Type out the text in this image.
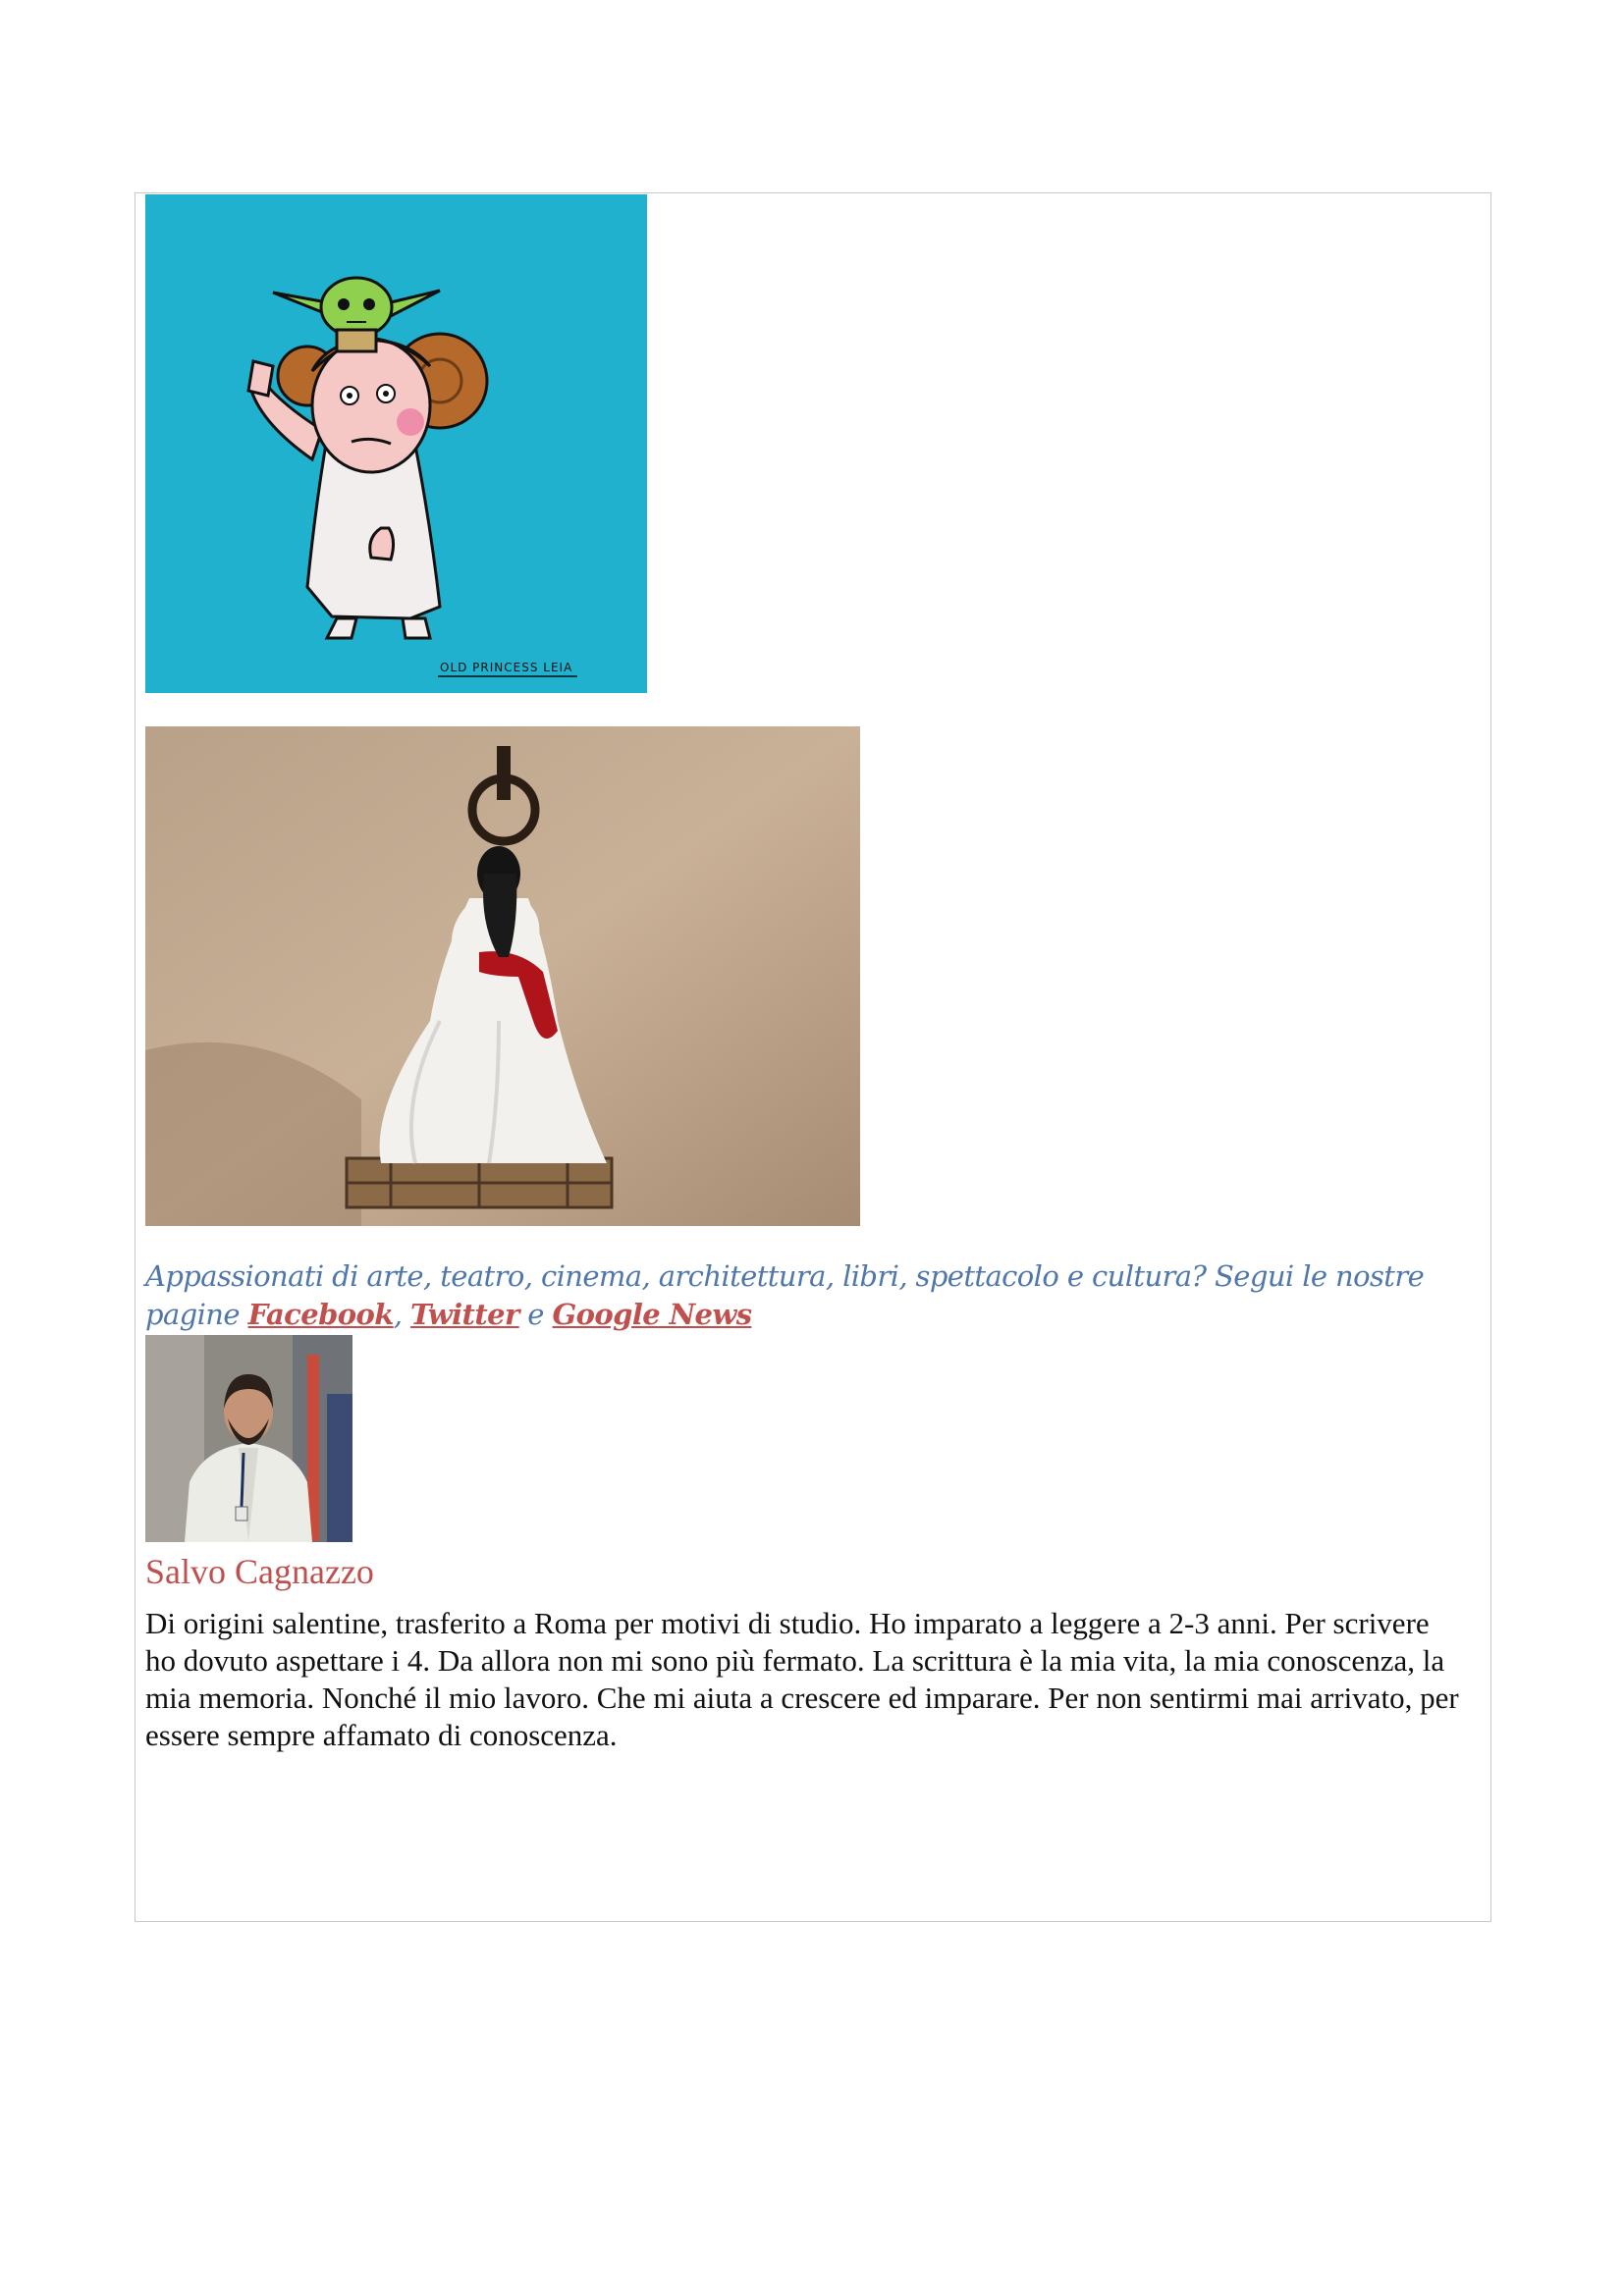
OLD PRINCESS LEIA
Appassionati di arte, teatro, cinema, architettura, libri, spettacolo e cultura? Segui le nostre pagine Facebook, Twitter e Google News
Salvo Cagnazzo
Di origini salentine, trasferito a Roma per motivi di studio. Ho imparato a leggere a 2-3 anni. Per scrivere ho dovuto aspettare i 4. Da allora non mi sono più fermato. La scrittura è la mia vita, la mia conoscenza, la mia memoria. Nonché il mio lavoro. Che mi aiuta a crescere ed imparare. Per non sentirmi mai arrivato, per essere sempre affamato di conoscenza.
